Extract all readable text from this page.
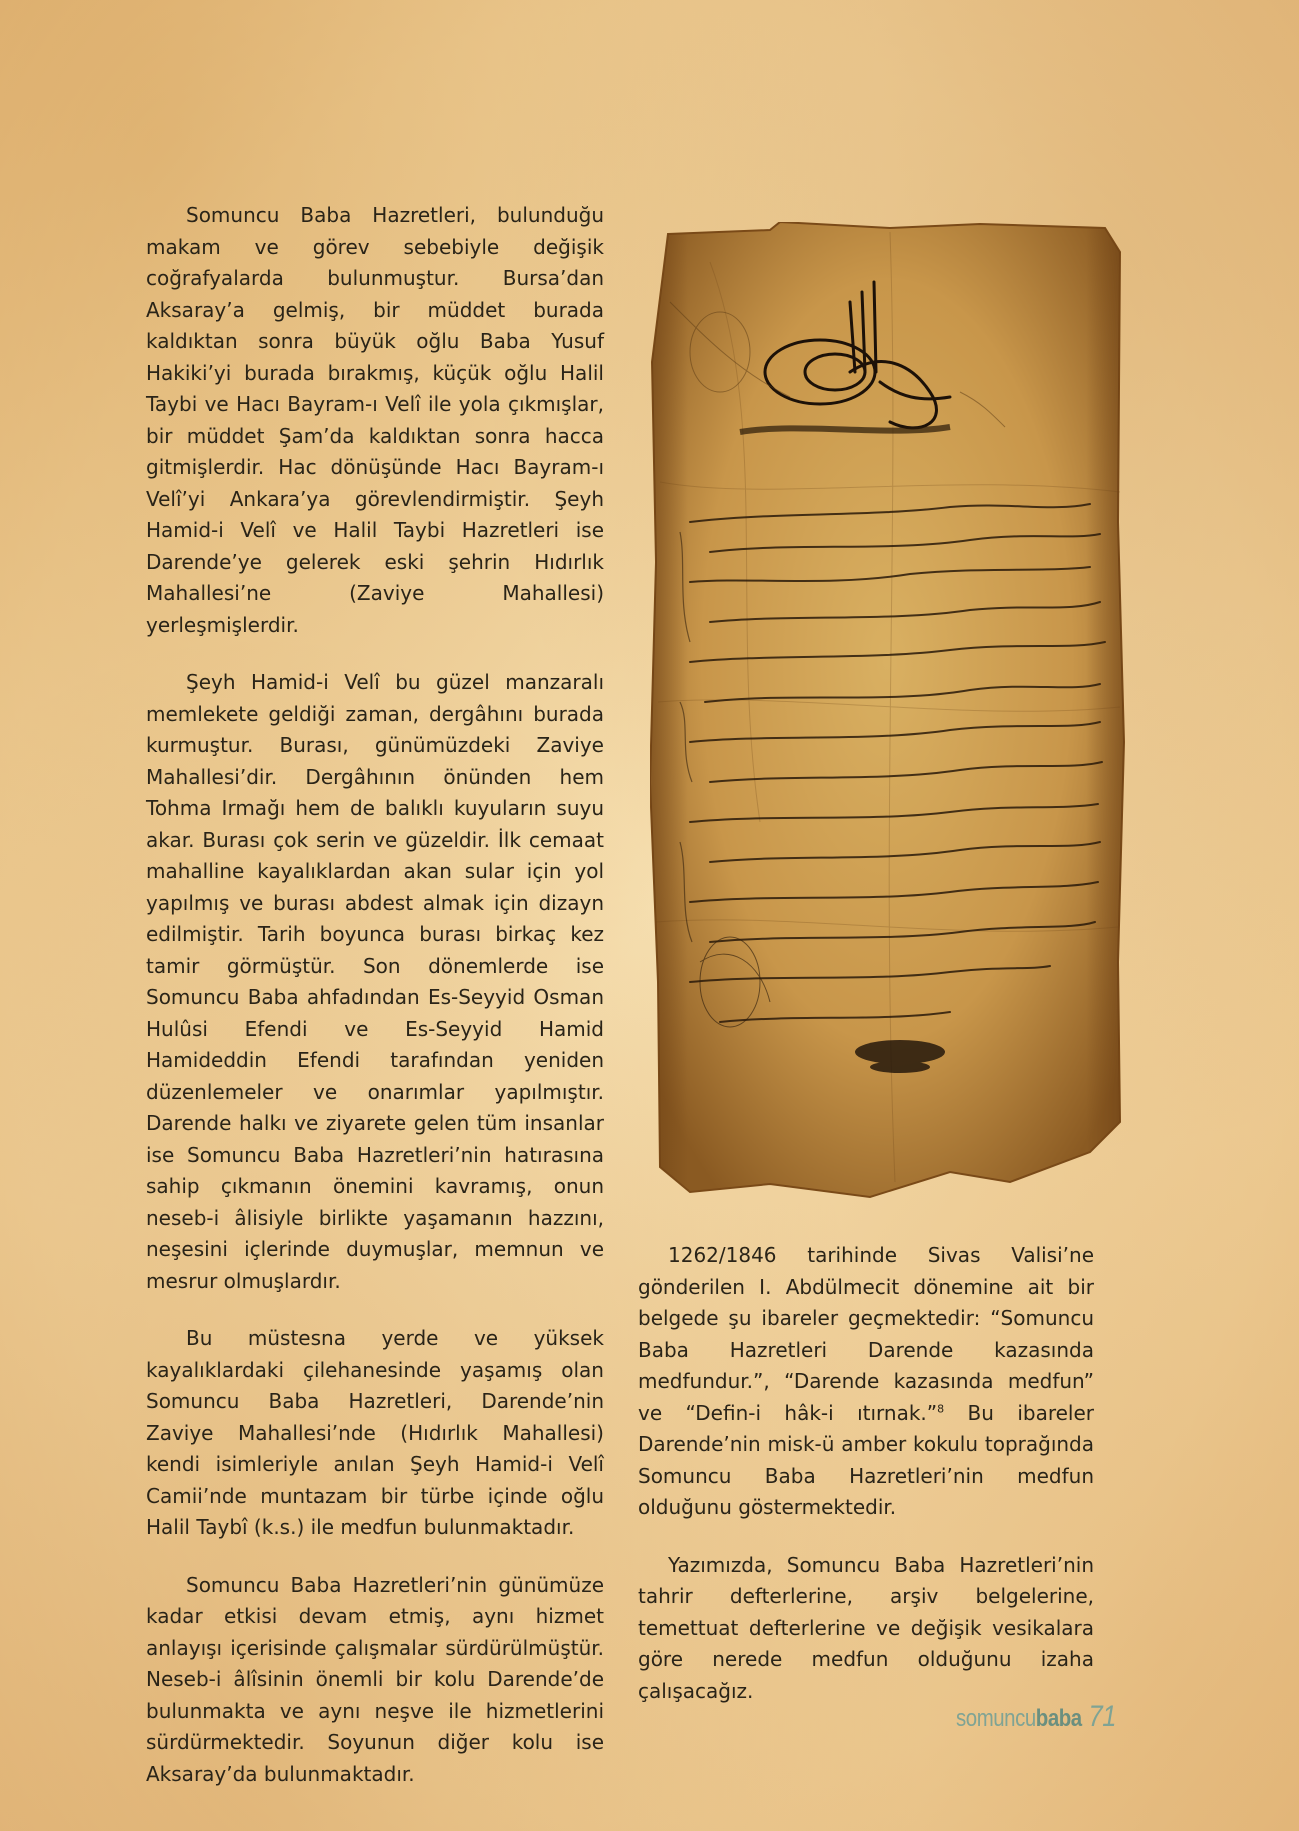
Somuncu Baba Hazretleri, bulunduğu makam ve görev sebebiyle değişik coğrafyalarda bulunmuştur. Bursa’dan Aksaray’a gelmiş, bir müddet burada kaldıktan sonra büyük oğlu Baba Yusuf Hakiki’yi burada bırakmış, küçük oğlu Halil Taybi ve Hacı Bayram-ı Velî ile yola çıkmışlar, bir müddet Şam’da kaldıktan sonra hacca gitmişlerdir. Hac dönüşünde Hacı Bayram-ı Velî’yi Ankara’ya görevlendirmiştir. Şeyh Hamid-i Velî ve Halil Taybi Hazretleri ise Darende’ye gelerek eski şehrin Hıdırlık Mahallesi’ne (Zaviye Mahallesi) yerleşmişlerdir.

Şeyh Hamid-i Velî bu güzel manzaralı memlekete geldiği zaman, dergâhını burada kurmuştur. Burası, günümüzdeki Zaviye Mahallesi’dir. Dergâhının önünden hem Tohma Irmağı hem de balıklı kuyuların suyu akar. Burası çok serin ve güzeldir. İlk cemaat mahalline kayalıklardan akan sular için yol yapılmış ve burası abdest almak için dizayn edilmiştir. Tarih boyunca burası birkaç kez tamir görmüştür. Son dönemlerde ise Somuncu Baba ahfadından Es-Seyyid Osman Hulûsi Efendi ve Es-Seyyid Hamid Hamideddin Efendi tarafından yeniden düzenlemeler ve onarımlar yapılmıştır. Darende halkı ve ziyarete gelen tüm insanlar ise Somuncu Baba Hazretleri’nin hatırasına sahip çıkmanın önemini kavramış, onun neseb-i âlisiyle birlikte yaşamanın hazzını, neşesini içlerinde duymuşlar, memnun ve mesrur olmuşlardır.

Bu müstesna yerde ve yüksek kayalıklardaki çilehanesinde yaşamış olan Somuncu Baba Hazretleri, Darende’nin Zaviye Mahallesi’nde (Hıdırlık Mahallesi) kendi isimleriyle anılan Şeyh Hamid-i Velî Camii’nde muntazam bir türbe içinde oğlu Halil Taybî (k.s.) ile medfun bulunmaktadır.

Somuncu Baba Hazretleri’nin günümüze kadar etkisi devam etmiş, aynı hizmet anlayışı içerisinde çalışmalar sürdürülmüştür. Neseb-i âlîsinin önemli bir kolu Darende’de bulunmakta ve aynı neşve ile hizmetlerini sürdürmektedir. Soyunun diğer kolu ise Aksaray’da bulunmaktadır.

1262/1846 tarihinde Sivas Valisi’ne gönderilen I. Abdülmecit dönemine ait bir belgede şu ibareler geçmektedir: “Somuncu Baba Hazretleri Darende kazasında medfundur.”, “Darende kazasında medfun” ve “Defin-i hâk-i ıtırnak.”$^8$ Bu ibareler Darende’nin misk-ü amber kokulu toprağında Somuncu Baba Hazretleri’nin medfun olduğunu göstermektedir.

Yazımızda, Somuncu Baba Hazretleri’nin tahrir defterlerine, arşiv belgelerine, temettuat defterlerine ve değişik vesikalara göre nerede medfun olduğunu izaha çalışacağız.

somuncubaba 71
